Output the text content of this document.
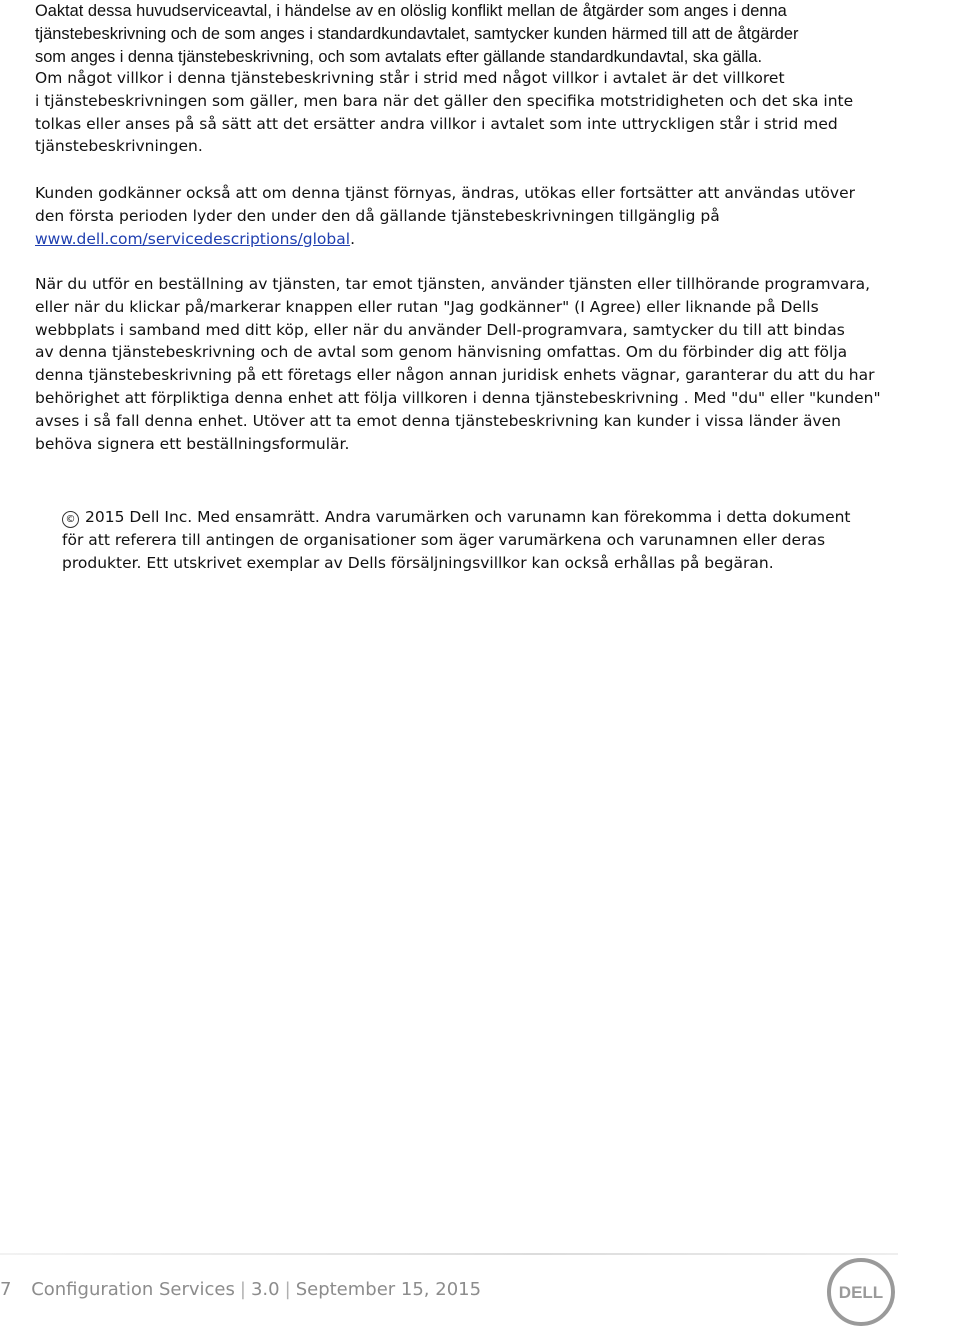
Oaktat dessa huvudserviceavtal, i händelse av en olöslig konflikt mellan de åtgärder som anges i denna
tjänstebeskrivning och de som anges i standardkundavtalet, samtycker kunden härmed till att de åtgärder
som anges i denna tjänstebeskrivning, och som avtalats efter gällande standardkundavtal, ska gälla.
Om något villkor i denna tjänstebeskrivning står i strid med något villkor i avtalet är det villkoret
i tjänstebeskrivningen som gäller, men bara när det gäller den specifika motstridigheten och det ska inte
tolkas eller anses på så sätt att det ersätter andra villkor i avtalet som inte uttryckligen står i strid med
tjänstebeskrivningen.
Kunden godkänner också att om denna tjänst förnyas, ändras, utökas eller fortsätter att användas utöver
den första perioden lyder den under den då gällande tjänstebeskrivningen tillgänglig på
www.dell.com/servicedescriptions/global.
När du utför en beställning av tjänsten, tar emot tjänsten, använder tjänsten eller tillhörande programvara,
eller när du klickar på/markerar knappen eller rutan "Jag godkänner" (I Agree) eller liknande på Dells
webbplats i samband med ditt köp, eller när du använder Dell-programvara, samtycker du till att bindas
av denna tjänstebeskrivning och de avtal som genom hänvisning omfattas. Om du förbinder dig att följa
denna tjänstebeskrivning på ett företags eller någon annan juridisk enhets vägnar, garanterar du att du har
behörighet att förpliktiga denna enhet att följa villkoren i denna tjänstebeskrivning . Med "du" eller "kunden"
avses i så fall denna enhet. Utöver att ta emot denna tjänstebeskrivning kan kunder i vissa länder även
behöva signera ett beställningsformulär.
© 2015 Dell Inc. Med ensamrätt. Andra varumärken och varunamn kan förekomma i detta dokument
för att referera till antingen de organisationer som äger varumärkena och varunamnen eller deras
produkter. Ett utskrivet exemplar av Dells försäljningsvillkor kan också erhållas på begäran.
7 Configuration Services | 3.0 | September 15, 2015	DELL
